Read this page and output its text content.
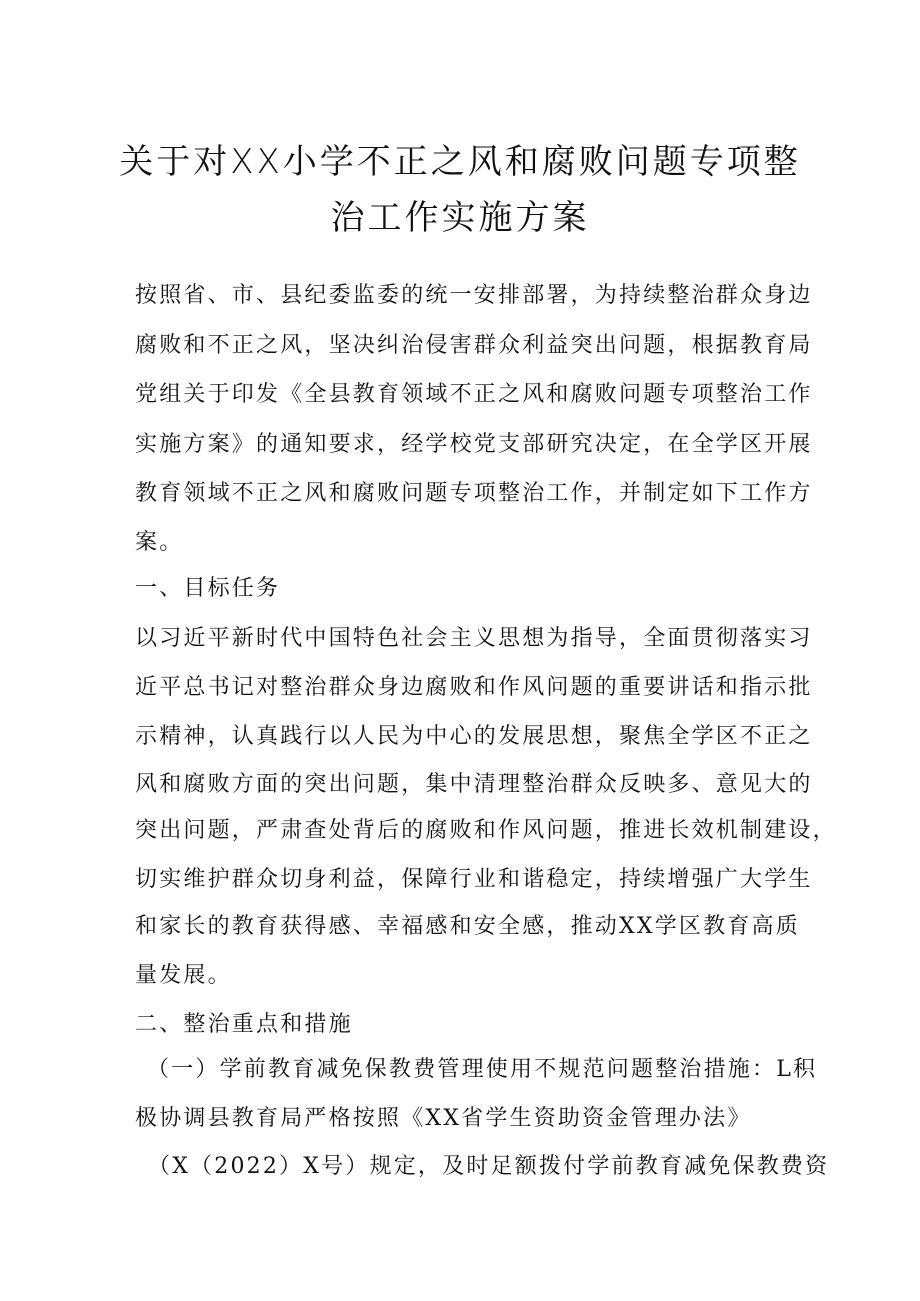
关于对XX小学不正之风和腐败问题专项整
治工作实施方案
按照省、市、县纪委监委的统一安排部署，为持续整治群众身边
腐败和不正之风，坚决纠治侵害群众利益突出问题，根据教育局
党组关于印发《全县教育领域不正之风和腐败问题专项整治工作
实施方案》的通知要求，经学校党支部研究决定，在全学区开展
教育领域不正之风和腐败问题专项整治工作，并制定如下工作方
案。
一、目标任务
以习近平新时代中国特色社会主义思想为指导，全面贯彻落实习
近平总书记对整治群众身边腐败和作风问题的重要讲话和指示批
示精神，认真践行以人民为中心的发展思想，聚焦全学区不正之
风和腐败方面的突出问题，集中清理整治群众反映多、意见大的
突出问题，严肃查处背后的腐败和作风问题，推进长效机制建设，
切实维护群众切身利益，保障行业和谐稳定，持续增强广大学生
和家长的教育获得感、幸福感和安全感，推动XX学区教育高质
量发展。
二、整治重点和措施
（一）学前教育减免保教费管理使用不规范问题整治措施：L积
极协调县教育局严格按照《XX省学生资助资金管理办法》
（X（2022）X号）规定，及时足额拨付学前教育减免保教费资
